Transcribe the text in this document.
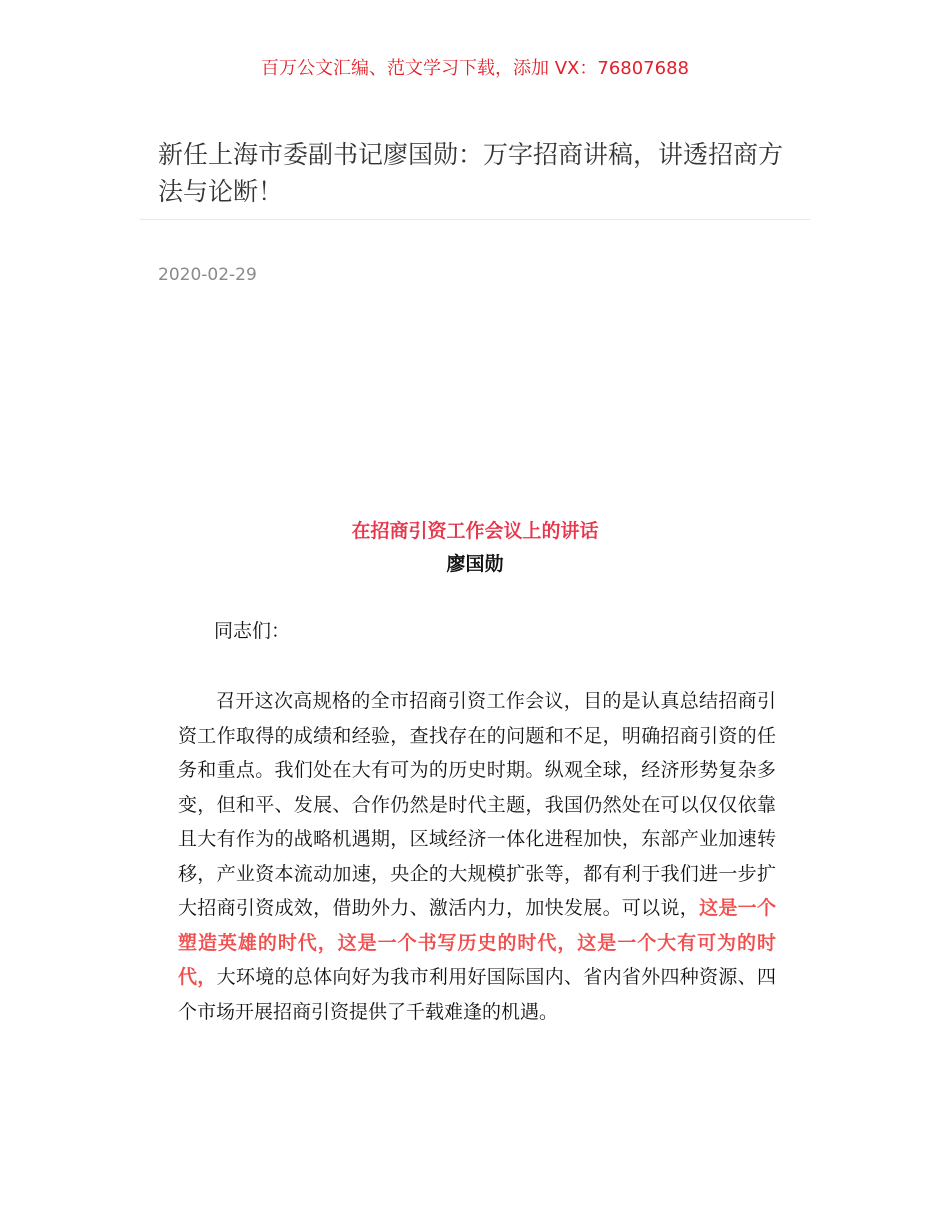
百万公文汇编、范文学习下载，添加 VX：76807688
新任上海市委副书记廖国勋：万字招商讲稿，讲透招商方法与论断！
2020-02-29
在招商引资工作会议上的讲话
廖国勋
同志们：
召开这次高规格的全市招商引资工作会议，目的是认真总结招商引资工作取得的成绩和经验，查找存在的问题和不足，明确招商引资的任务和重点。我们处在大有可为的历史时期。纵观全球，经济形势复杂多变，但和平、发展、合作仍然是时代主题，我国仍然处在可以仅仅依靠且大有作为的战略机遇期，区域经济一体化进程加快，东部产业加速转移，产业资本流动加速，央企的大规模扩张等，都有利于我们进一步扩大招商引资成效，借助外力、激活内力，加快发展。可以说，这是一个塑造英雄的时代，这是一个书写历史的时代，这是一个大有可为的时代，大环境的总体向好为我市利用好国际国内、省内省外四种资源、四个市场开展招商引资提供了千载难逢的机遇。
